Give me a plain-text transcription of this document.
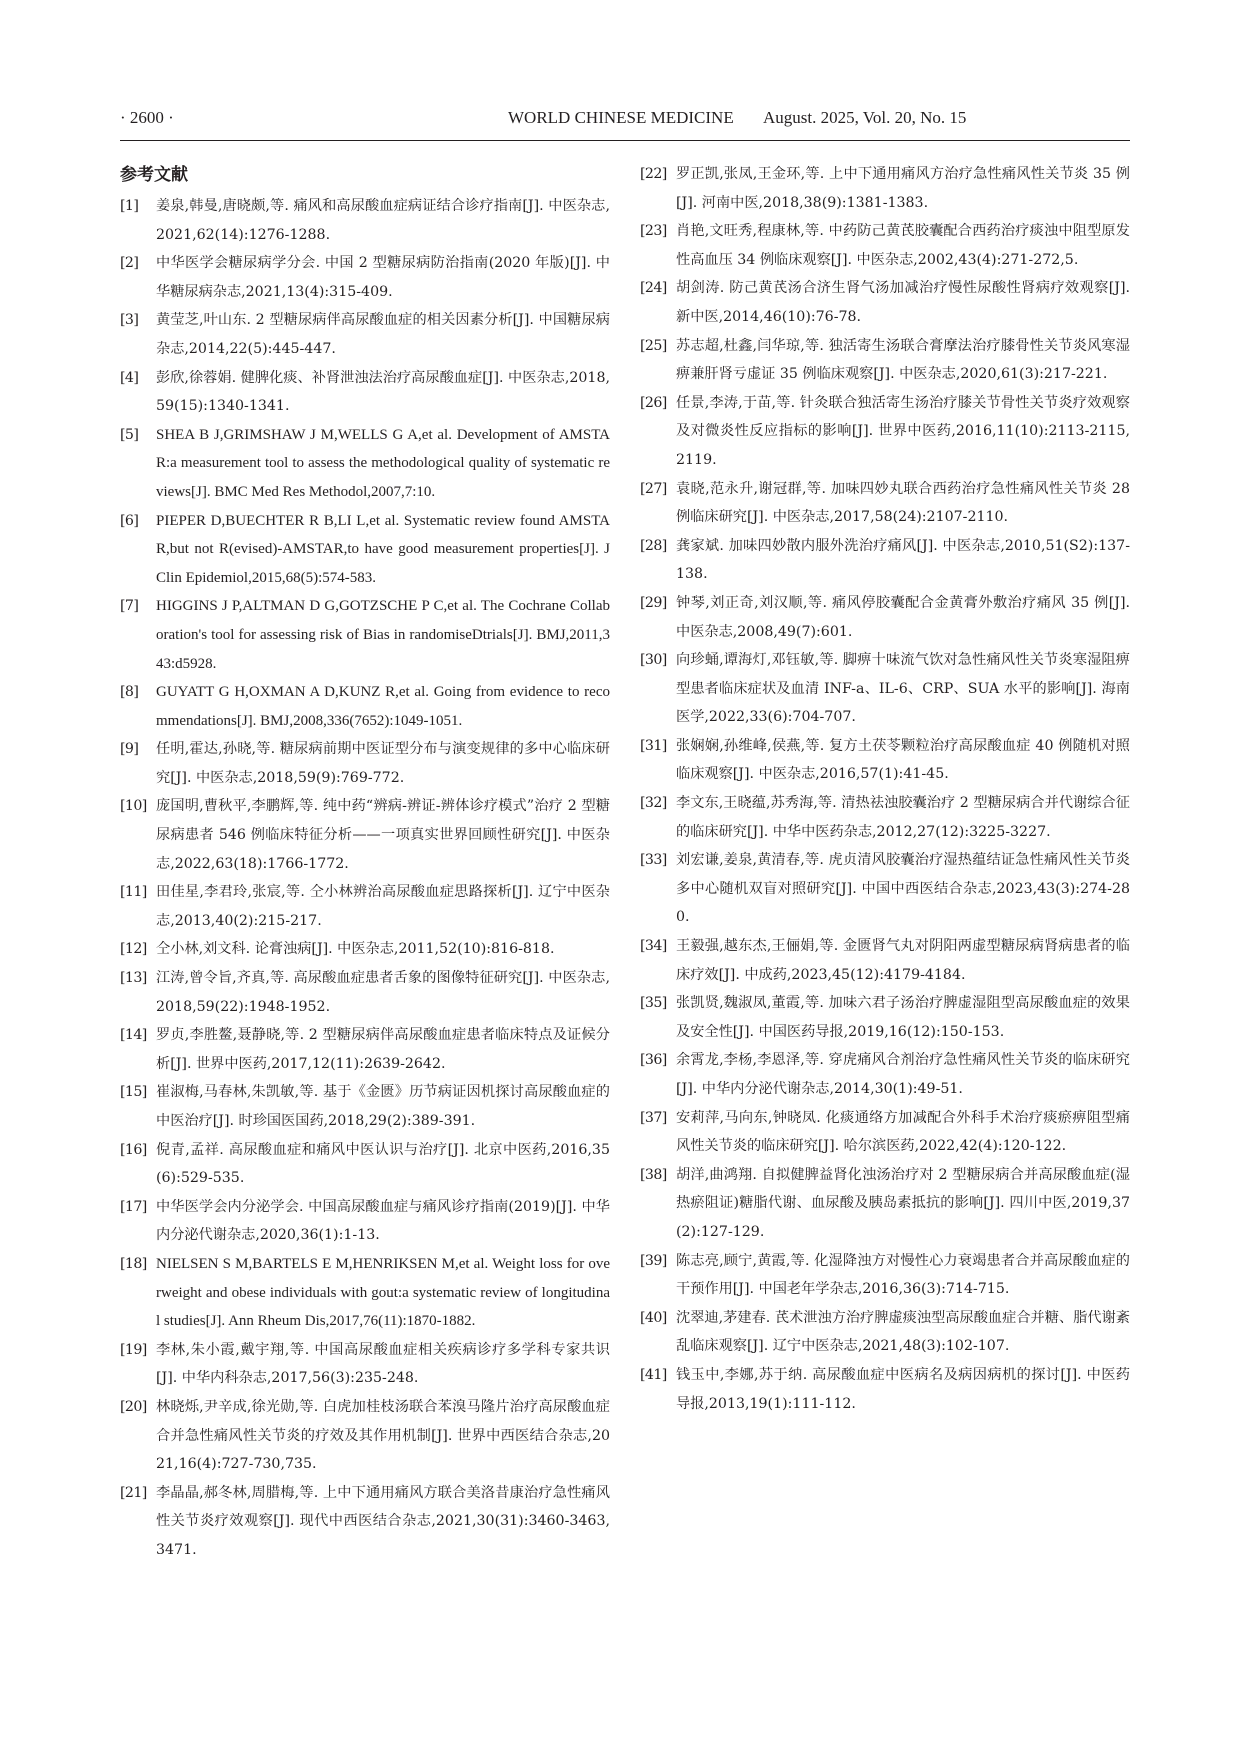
· 2600 ·	WORLD CHINESE MEDICINE August. 2025, Vol. 20, No. 15
参考文献
[1]	姜泉,韩曼,唐晓颇,等. 痛风和高尿酸血症病证结合诊疗指南[J]. 中医杂志,2021,62(14):1276-1288.
[2]	中华医学会糖尿病学分会. 中国 2 型糖尿病防治指南(2020 年版)[J]. 中华糖尿病杂志,2021,13(4):315-409.
[3]	黄莹芝,叶山东. 2 型糖尿病伴高尿酸血症的相关因素分析[J]. 中国糖尿病杂志,2014,22(5):445-447.
[4]	彭欣,徐蓉娟. 健脾化痰、补肾泄浊法治疗高尿酸血症[J]. 中医杂志,2018,59(15):1340-1341.
[5]	SHEA B J,GRIMSHAW J M,WELLS G A,et al. Development of AMSTAR:a measurement tool to assess the methodological quality of systematic reviews[J]. BMC Med Res Methodol,2007,7:10.
[6]	PIEPER D,BUECHTER R B,LI L,et al. Systematic review found AMSTAR,but not R(evised)-AMSTAR,to have good measurement properties[J]. J Clin Epidemiol,2015,68(5):574-583.
[7]	HIGGINS J P,ALTMAN D G,GOTZSCHE P C,et al. The Cochrane Collaboration's tool for assessing risk of Bias in randomiseDtrials[J]. BMJ,2011,343:d5928.
[8]	GUYATT G H,OXMAN A D,KUNZ R,et al. Going from evidence to recommendations[J]. BMJ,2008,336(7652):1049-1051.
[9]	任明,霍达,孙晓,等. 糖尿病前期中医证型分布与演变规律的多中心临床研究[J]. 中医杂志,2018,59(9):769-772.
[10] 庞国明,曹秋平,李鹏辉,等. 纯中药“辨病-辨证-辨体诊疗模式”治疗 2 型糖尿病患者 546 例临床特征分析——一项真实世界回顾性研究[J]. 中医杂志,2022,63(18):1766-1772.
[11] 田佳星,李君玲,张宸,等. 仝小林辨治高尿酸血症思路探析[J]. 辽宁中医杂志,2013,40(2):215-217.
[12] 仝小林,刘文科. 论膏浊病[J]. 中医杂志,2011,52(10):816-818.
[13] 江涛,曾令旨,齐真,等. 高尿酸血症患者舌象的图像特征研究[J]. 中医杂志,2018,59(22):1948-1952.
[14] 罗贞,李胜鳌,聂静晓,等. 2 型糖尿病伴高尿酸血症患者临床特点及证候分析[J]. 世界中医药,2017,12(11):2639-2642.
[15] 崔淑梅,马春林,朱凯敏,等. 基于《金匮》历节病证因机探讨高尿酸血症的中医治疗[J]. 时珍国医国药,2018,29(2):389-391.
[16] 倪青,孟祥. 高尿酸血症和痛风中医认识与治疗[J]. 北京中医药,2016,35(6):529-535.
[17] 中华医学会内分泌学会. 中国高尿酸血症与痛风诊疗指南(2019)[J]. 中华内分泌代谢杂志,2020,36(1):1-13.
[18] NIELSEN S M,BARTELS E M,HENRIKSEN M,et al. Weight loss for overweight and obese individuals with gout:a systematic review of longitudinal studies[J]. Ann Rheum Dis,2017,76(11):1870-1882.
[19] 李林,朱小霞,戴宇翔,等. 中国高尿酸血症相关疾病诊疗多学科专家共识[J]. 中华内科杂志,2017,56(3):235-248.
[20] 林晓烁,尹辛成,徐光勋,等. 白虎加桂枝汤联合苯溴马隆片治疗高尿酸血症合并急性痛风性关节炎的疗效及其作用机制[J]. 世界中西医结合杂志,2021,16(4):727-730,735.
[21] 李晶晶,郝冬林,周腊梅,等. 上中下通用痛风方联合美洛昔康治疗急性痛风性关节炎疗效观察[J]. 现代中西医结合杂志,2021,30(31):3460-3463,3471.
[22] 罗正凯,张凤,王金环,等. 上中下通用痛风方治疗急性痛风性关节炎 35 例[J]. 河南中医,2018,38(9):1381-1383.
[23] 肖艳,文旺秀,程康林,等. 中药防己黄芪胶囊配合西药治疗痰浊中阻型原发性高血压 34 例临床观察[J]. 中医杂志,2002,43(4):271-272,5.
[24] 胡剑涛. 防己黄芪汤合济生肾气汤加减治疗慢性尿酸性肾病疗效观察[J]. 新中医,2014,46(10):76-78.
[25] 苏志超,杜鑫,闫华琼,等. 独活寄生汤联合膏摩法治疗膝骨性关节炎风寒湿痹兼肝肾亏虚证 35 例临床观察[J]. 中医杂志,2020,61(3):217-221.
[26] 任景,李涛,于苗,等. 针灸联合独活寄生汤治疗膝关节骨性关节炎疗效观察及对微炎性反应指标的影响[J]. 世界中医药,2016,11(10):2113-2115,2119.
[27] 袁晓,范永升,谢冠群,等. 加味四妙丸联合西药治疗急性痛风性关节炎 28 例临床研究[J]. 中医杂志,2017,58(24):2107-2110.
[28] 龚家斌. 加味四妙散内服外洗治疗痛风[J]. 中医杂志,2010,51(S2):137-138.
[29] 钟琴,刘正奇,刘汉顺,等. 痛风停胶囊配合金黄膏外敷治疗痛风 35 例[J]. 中医杂志,2008,49(7):601.
[30] 向珍蛹,谭海灯,邓钰敏,等. 脚痹十味流气饮对急性痛风性关节炎寒湿阻痹型患者临床症状及血清 INF-a、IL-6、CRP、SUA 水平的影响[J]. 海南医学,2022,33(6):704-707.
[31] 张娴娴,孙维峰,侯燕,等. 复方土茯苓颗粒治疗高尿酸血症 40 例随机对照临床观察[J]. 中医杂志,2016,57(1):41-45.
[32] 李文东,王晓蕴,苏秀海,等. 清热祛浊胶囊治疗 2 型糖尿病合并代谢综合征的临床研究[J]. 中华中医药杂志,2012,27(12):3225-3227.
[33] 刘宏谦,姜泉,黄清春,等. 虎贞清风胶囊治疗湿热蕴结证急性痛风性关节炎多中心随机双盲对照研究[J]. 中国中西医结合杂志,2023,43(3):274-280.
[34] 王毅强,越东杰,王俪娟,等. 金匮肾气丸对阴阳两虚型糖尿病肾病患者的临床疗效[J]. 中成药,2023,45(12):4179-4184.
[35] 张凯贤,魏淑凤,董霞,等. 加味六君子汤治疗脾虚湿阻型高尿酸血症的效果及安全性[J]. 中国医药导报,2019,16(12):150-153.
[36] 余霄龙,李杨,李恩泽,等. 穿虎痛风合剂治疗急性痛风性关节炎的临床研究[J]. 中华内分泌代谢杂志,2014,30(1):49-51.
[37] 安莉萍,马向东,钟晓凤. 化痰通络方加减配合外科手术治疗痰瘀痹阻型痛风性关节炎的临床研究[J]. 哈尔滨医药,2022,42(4):120-122.
[38] 胡洋,曲鸿翔. 自拟健脾益肾化浊汤治疗对 2 型糖尿病合并高尿酸血症(湿热瘀阻证)糖脂代谢、血尿酸及胰岛素抵抗的影响[J]. 四川中医,2019,37(2):127-129.
[39] 陈志亮,顾宁,黄霞,等. 化湿降浊方对慢性心力衰竭患者合并高尿酸血症的干预作用[J]. 中国老年学杂志,2016,36(3):714-715.
[40] 沈翠迪,茅建春. 芪术泄浊方治疗脾虚痰浊型高尿酸血症合并糖、脂代谢紊乱临床观察[J]. 辽宁中医杂志,2021,48(3):102-107.
[41] 钱玉中,李娜,苏于纳. 高尿酸血症中医病名及病因病机的探讨[J]. 中医药导报,2013,19(1):111-112.
